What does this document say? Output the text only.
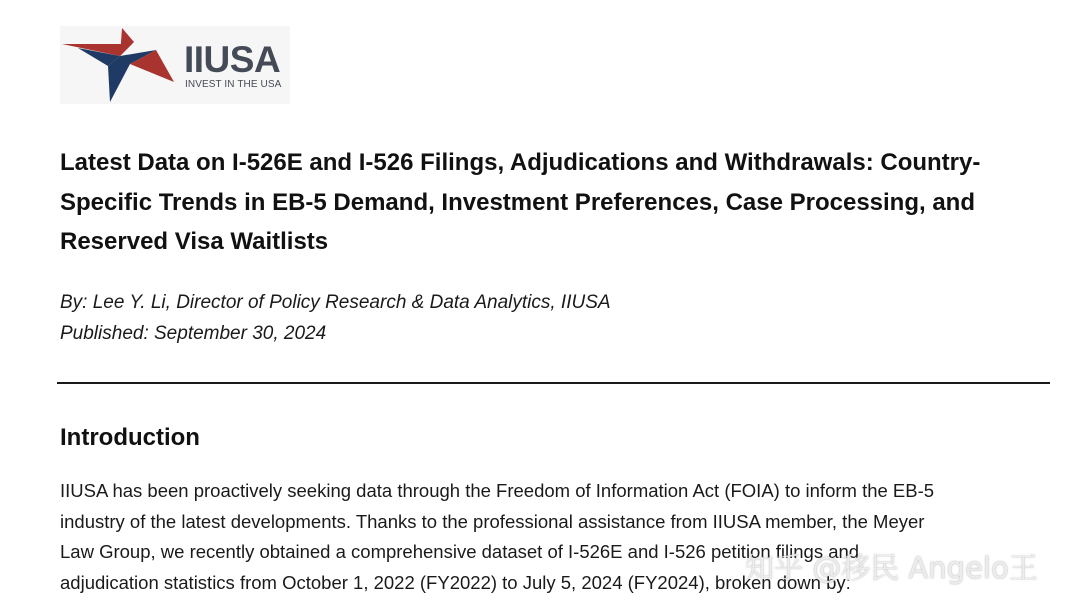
IIUSA
INVEST IN THE USA
Latest Data on I-526E and I-526 Filings, Adjudications and Withdrawals: Country-Specific Trends in EB-5 Demand, Investment Preferences, Case Processing, and Reserved Visa Waitlists
By: Lee Y. Li, Director of Policy Research & Data Analytics, IIUSA
Published: September 30, 2024
Introduction
IIUSA has been proactively seeking data through the Freedom of Information Act (FOIA) to inform the EB-5
industry of the latest developments. Thanks to the professional assistance from IIUSA member, the Meyer
Law Group, we recently obtained a comprehensive dataset of I-526E and I-526 petition filings and
adjudication statistics from October 1, 2022 (FY2022) to July 5, 2024 (FY2024), broken down by:
知乎 @移民 Angelo王
